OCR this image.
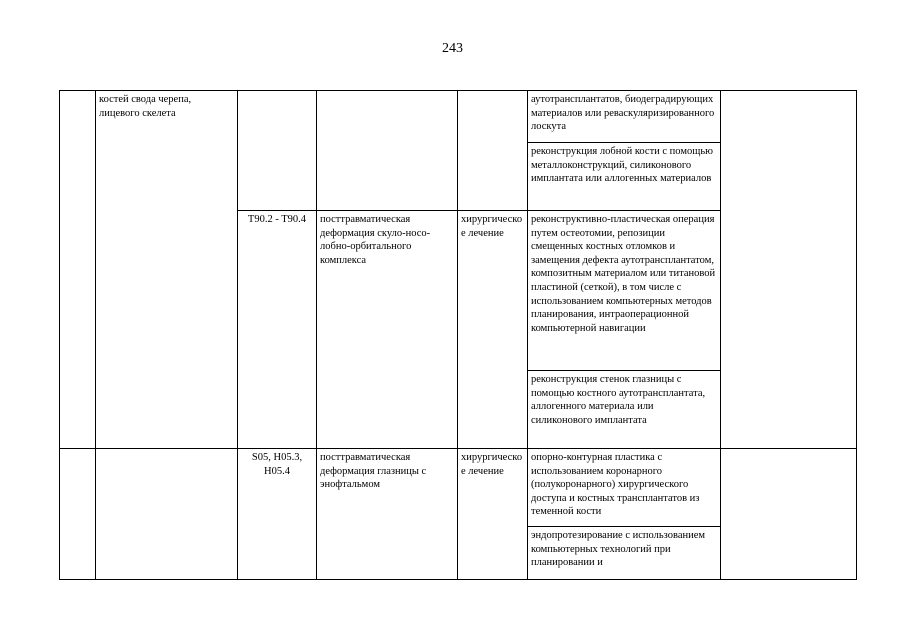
243

	костей свода черепа, лицевого скелета				аутотрансплантатов, биодеградирующих материалов или реваскуляризированного лоскута	

					реконструкция лобной кости с помощью металлоконструкций, силиконового имплантата или аллогенных материалов	

		T90.2 - T90.4	посттравматическая деформация скуло-носо-лобно-орбитального комплекса	хирургическое лечение	реконструктивно-пластическая операция путем остеотомии, репозиции смещенных костных отломков и замещения дефекта аутотрансплантатом, композитным материалом или титановой пластиной (сеткой), в том числе с использованием компьютерных методов планирования, интраоперационной компьютерной навигации	

					реконструкция стенок глазницы с помощью костного аутотрансплантата, аллогенного материала или силиконового имплантата	

		S05, H05.3, H05.4	посттравматическая деформация глазницы с энофтальмом	хирургическое лечение	опорно-контурная пластика с использованием коронарного (полукоронарного) хирургического доступа и костных трансплантатов из теменной кости	

					эндопротезирование с использованием компьютерных технологий при планировании и	
